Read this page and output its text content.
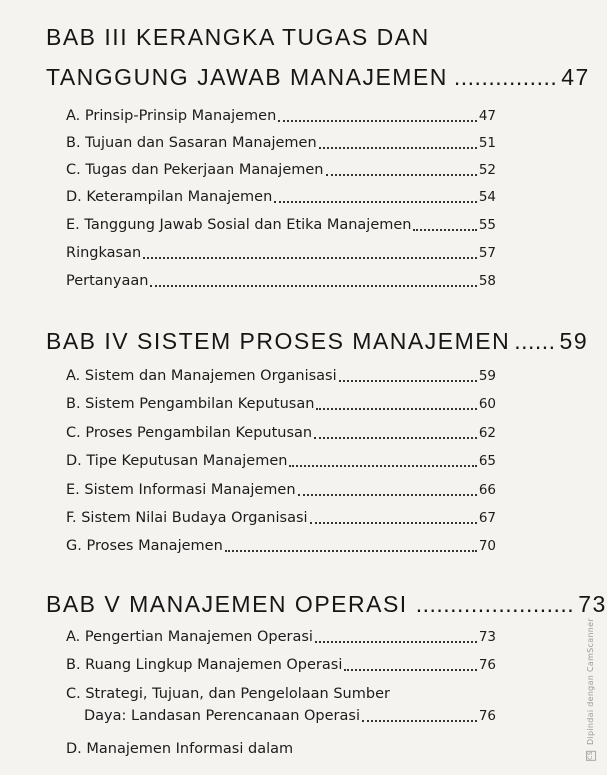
BAB III KERANGKA TUGAS DAN
TANGGUNG JAWAB MANAJEMEN ............... 47
A. Prinsip-Prinsip Manajemen	47
B. Tujuan dan Sasaran Manajemen	51
C. Tugas dan Pekerjaan Manajemen	52
D. Keterampilan Manajemen	54
E. Tanggung Jawab Sosial dan Etika Manajemen	55
Ringkasan	57
Pertanyaan	58
BAB IV SISTEM PROSES MANAJEMEN ...... 59
A. Sistem dan Manajemen Organisasi	59
B. Sistem Pengambilan Keputusan	60
C. Proses Pengambilan Keputusan	62
D. Tipe Keputusan Manajemen	65
E. Sistem Informasi Manajemen	66
F. Sistem Nilai Budaya Organisasi	67
G. Proses Manajemen	70
BAB V MANAJEMEN OPERASI ....................... 73
A. Pengertian Manajemen Operasi	73
B. Ruang Lingkup Manajemen Operasi	76
C. Strategi, Tujuan, dan Pengelolaan Sumber
Daya: Landasan Perencanaan Operasi	76
D. Manajemen Informasi dalam	CS Dipindai dengan CamScanner
